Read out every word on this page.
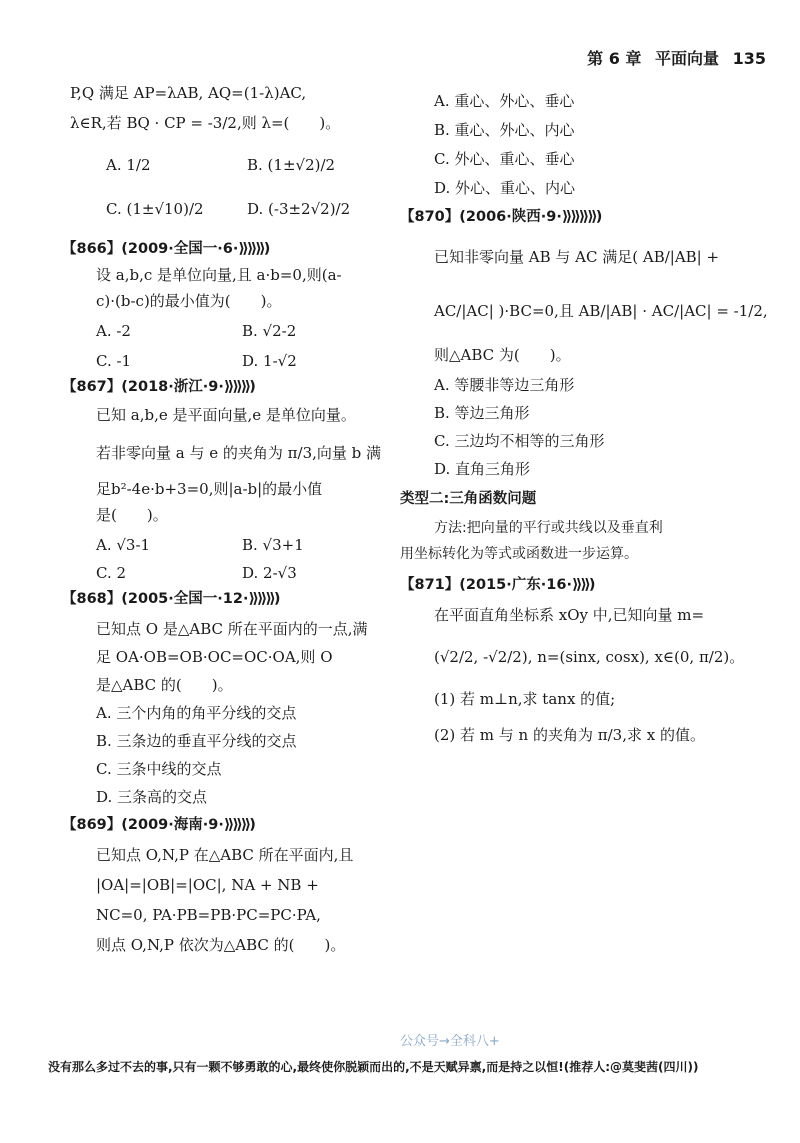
第 6 章 平面向量 135
P,Q 满足 AP=λAB, AQ=(1-λ)AC,
λ∈R,若 BQ · CP = -3/2,则 λ=(　　)。
A. 1/2	B. (1±√2)/2
C. (1±√10)/2	D. (-3±2√2)/2
【866】(2009·全国一·6·⟫⟫⟫)
设 a,b,c 是单位向量,且 a·b=0,则(a-
c)·(b-c)的最小值为(　　)。
A. -2	B. √2-2
C. -1	D. 1-√2
【867】(2018·浙江·9·⟫⟫⟫)
已知 a,b,e 是平面向量,e 是单位向量。
若非零向量 a 与 e 的夹角为 π/3,向量 b 满
足b²-4e·b+3=0,则|a-b|的最小值
是(　　)。
A. √3-1	B. √3+1
C. 2	D. 2-√3
【868】(2005·全国一·12·⟫⟫⟫)
已知点 O 是△ABC 所在平面内的一点,满
足 OA·OB=OB·OC=OC·OA,则 O
是△ABC 的(　　)。
A. 三个内角的角平分线的交点
B. 三条边的垂直平分线的交点
C. 三条中线的交点
D. 三条高的交点
【869】(2009·海南·9·⟫⟫⟫)
已知点 O,N,P 在△ABC 所在平面内,且
|OA|=|OB|=|OC|, NA + NB +
NC=0, PA·PB=PB·PC=PC·PA,
则点 O,N,P 依次为△ABC 的(　　)。
A. 重心、外心、垂心
B. 重心、外心、内心
C. 外心、重心、垂心
D. 外心、重心、内心
【870】(2006·陕西·9·⟫⟫⟫⟫)
已知非零向量 AB 与 AC 满足( AB/|AB| +
AC/|AC| )·BC=0,且 AB/|AB| · AC/|AC| = -1/2,
则△ABC 为(　　)。
A. 等腰非等边三角形
B. 等边三角形
C. 三边均不相等的三角形
D. 直角三角形
类型二:三角函数问题
方法:把向量的平行或共线以及垂直利
用坐标转化为等式或函数进一步运算。
【871】(2015·广东·16·⟫⟫)
在平面直角坐标系 xOy 中,已知向量 m=
(√2/2, -√2/2), n=(sinx, cosx), x∈(0, π/2)。
(1) 若 m⊥n,求 tanx 的值;
(2) 若 m 与 n 的夹角为 π/3,求 x 的值。
公众号→全科八+
没有那么多过不去的事,只有一颗不够勇敢的心,最终使你脱颖而出的,不是天赋异禀,而是持之以恒!(推荐人:@莫斐茜(四川))
